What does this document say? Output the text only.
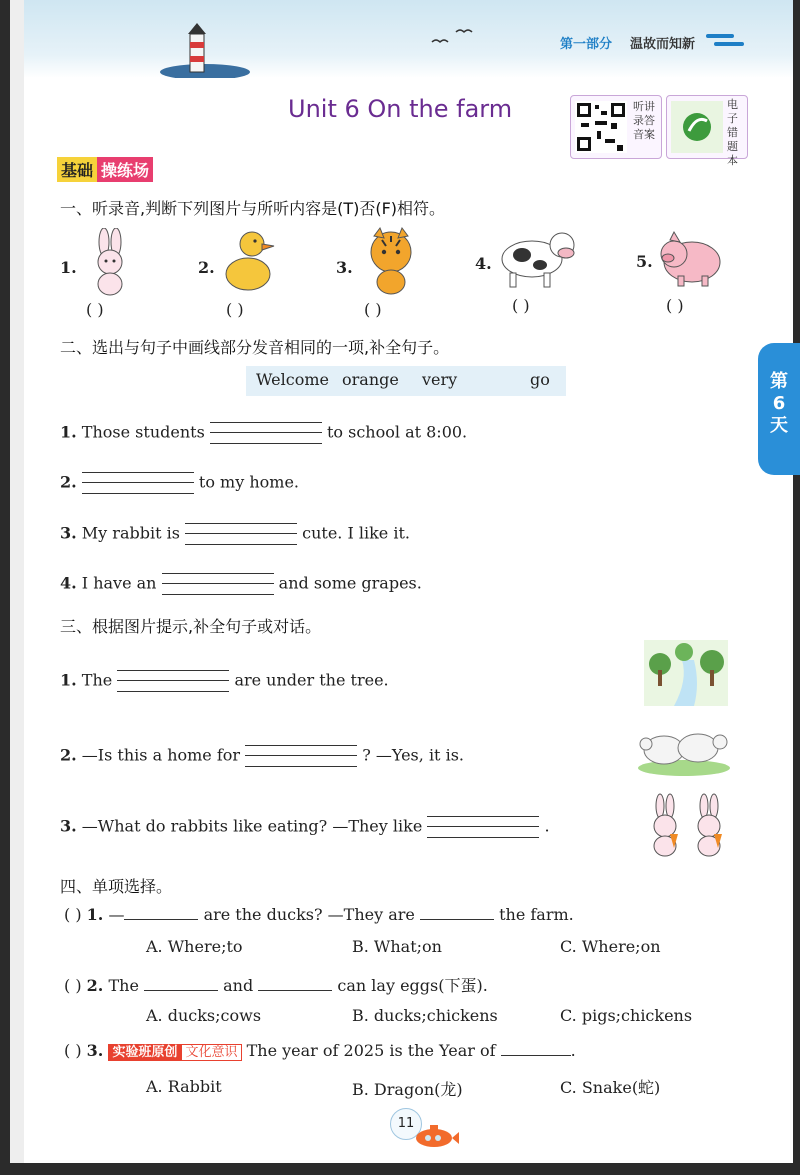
第一部分 温故而知新
Unit 6 On the farm	听讲录答音案
电子错题本
基础 操练场
第6天
一、听录音,判断下列图片与所听内容是(T)否(F)相符。
1.
( )
2.
( )
3.
( )
4.
( )
5.
( )
二、选出与句子中画线部分发音相同的一项,补全句子。
Welcome orange very	go
1. Those students	to school at 8:00.
2.	to my home.
3. My rabbit is	cute. I like it.
4. I have an	and some grapes.
三、根据图片提示,补全句子或对话。
1. The	are under the tree.
2. —Is this a home for	? —Yes, it is.
3. —What do rabbits like eating? —They like	.
四、单项选择。
( ) 1. —	are the ducks? —They are	the farm.
A. Where;to	B. What;on	C. Where;on
( ) 2. The	and	can lay eggs(下蛋).
A. ducks;cows	B. ducks;chickens	C. pigs;chickens
( ) 3. 实验班原创 文化意识 The year of 2025 is the Year of	.
A. Rabbit	B. Dragon(龙)	C. Snake(蛇)
11
